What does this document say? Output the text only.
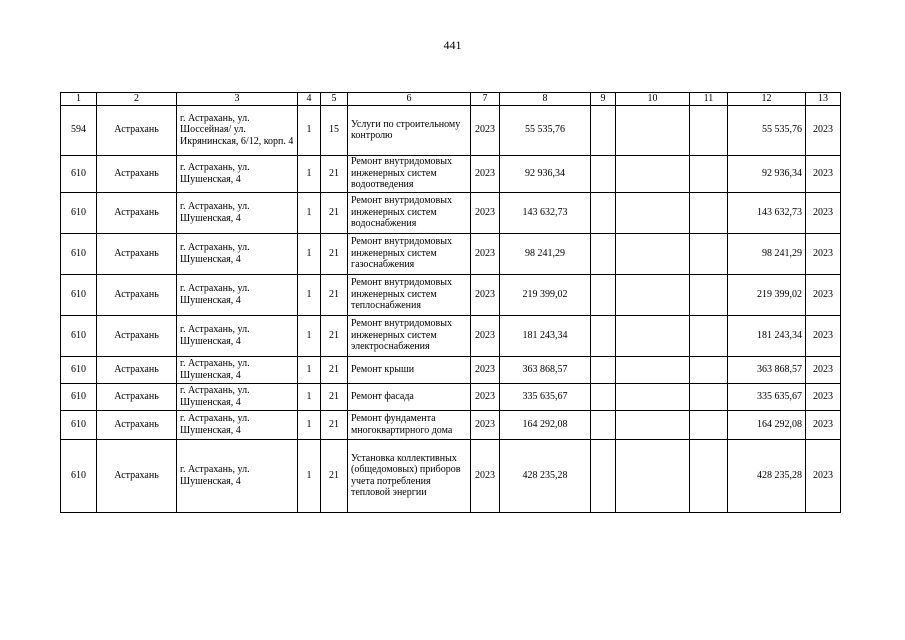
441
1	2	3	4	5	6	7	8	9	10	11	12	13
594	Астрахань	г. Астрахань, ул. Шоссейная/ ул. Икрянинская, 6/12, корп. 4	1	15	Услуги по строительному контролю	2023	55 535,76				55 535,76	2023
610	Астрахань	г. Астрахань, ул. Шушенская, 4	1	21	Ремонт внутридомовых инженерных систем водоотведения	2023	92 936,34				92 936,34	2023
610	Астрахань	г. Астрахань, ул. Шушенская, 4	1	21	Ремонт внутридомовых инженерных систем водоснабжения	2023	143 632,73				143 632,73	2023
610	Астрахань	г. Астрахань, ул. Шушенская, 4	1	21	Ремонт внутридомовых инженерных систем газоснабжения	2023	98 241,29				98 241,29	2023
610	Астрахань	г. Астрахань, ул. Шушенская, 4	1	21	Ремонт внутридомовых инженерных систем теплоснабжения	2023	219 399,02				219 399,02	2023
610	Астрахань	г. Астрахань, ул. Шушенская, 4	1	21	Ремонт внутридомовых инженерных систем электроснабжения	2023	181 243,34				181 243,34	2023
610	Астрахань	г. Астрахань, ул. Шушенская, 4	1	21	Ремонт крыши	2023	363 868,57				363 868,57	2023
610	Астрахань	г. Астрахань, ул. Шушенская, 4	1	21	Ремонт фасада	2023	335 635,67				335 635,67	2023
610	Астрахань	г. Астрахань, ул. Шушенская, 4	1	21	Ремонт фундамента многоквартирного дома	2023	164 292,08				164 292,08	2023
610	Астрахань	г. Астрахань, ул. Шушенская, 4	1	21	Установка коллективных (общедомовых) приборов учета потребления тепловой энергии	2023	428 235,28				428 235,28	2023
